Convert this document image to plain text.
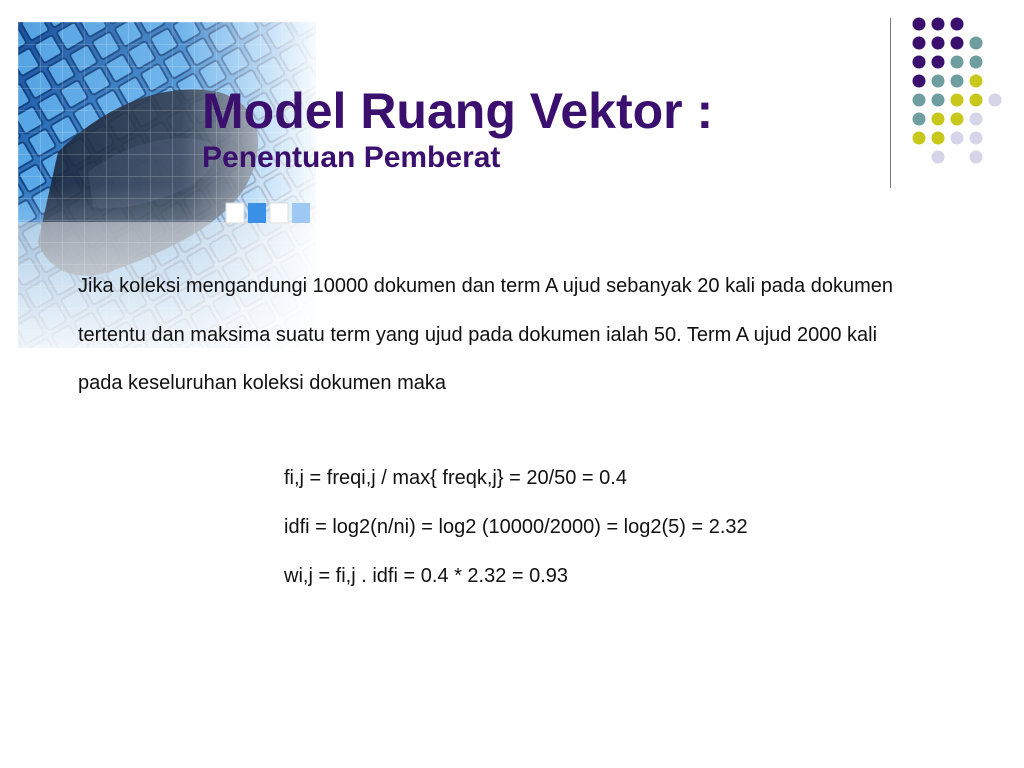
Model Ruang Vektor :
Penentuan Pemberat
Jika koleksi mengandungi 10000 dokumen dan term A ujud sebanyak 20 kali pada dokumen tertentu dan maksima suatu term yang ujud pada dokumen ialah 50. Term A ujud 2000 kali pada keseluruhan koleksi dokumen maka
fi,j = freqi,j / max{ freqk,j} = 20/50 = 0.4
idfi = log2(n/ni) = log2 (10000/2000) = log2(5) = 2.32
wi,j = fi,j . idfi = 0.4 * 2.32 = 0.93
